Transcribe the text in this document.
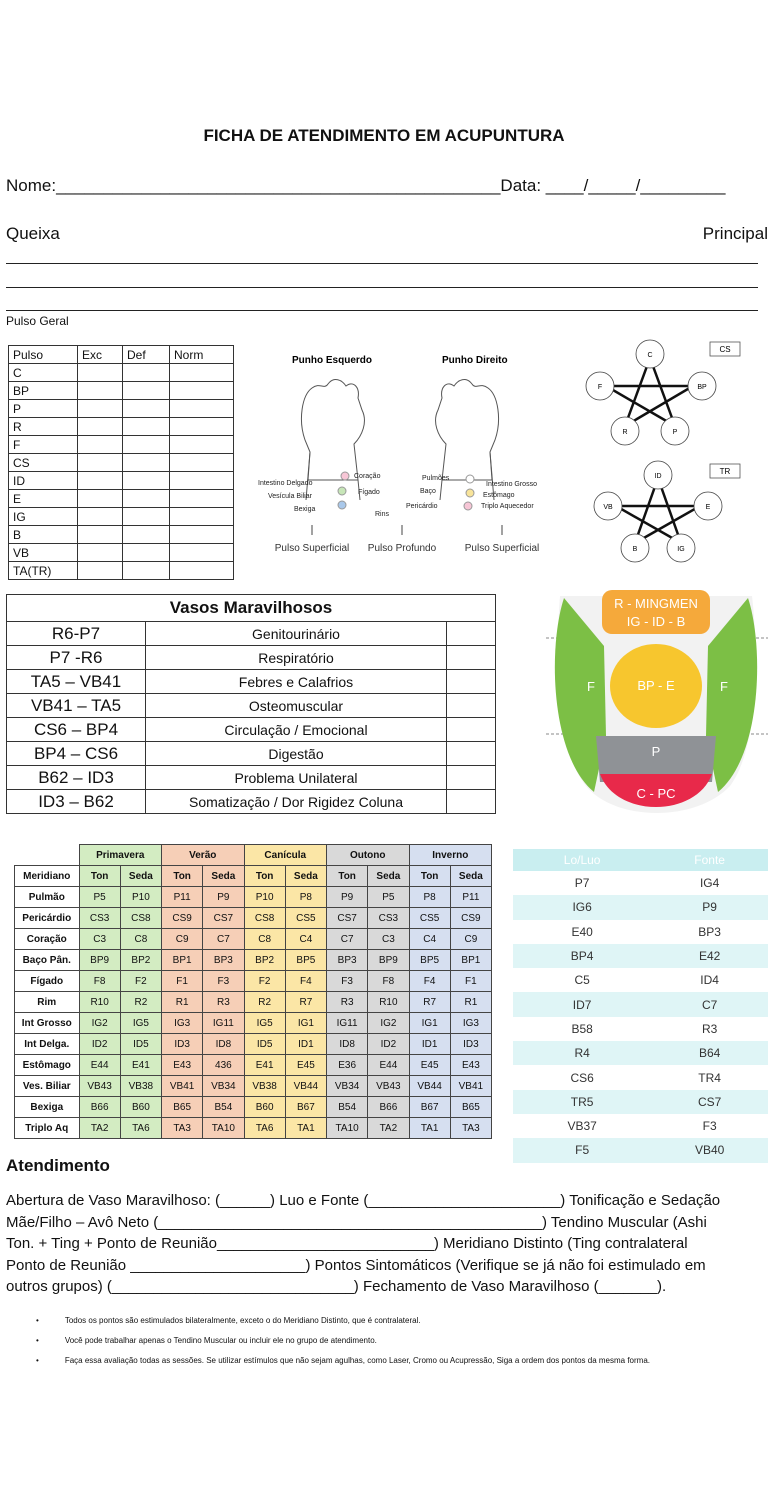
FICHA DE ATENDIMENTO EM ACUPUNTURA
Nome:_______________________________________________Data: ____/_____/_________
Queixa	Principal
Pulso Geral
Pulso	Exc	Def	Norm
C			
BP			
P			
R			
F			
CS			
ID			
E			
IG			
B			
VB			
TA(TR)			
Punho Esquerdo	Punho Direito
Intestino Delgado
Vesícula Biliar
Bexiga
Coração
Fígado
Rins
Pulmões
Baço
Pericárdio
Intestino Grosso
Estômago
Triplo Aquecedor
Pulso Superficial Pulso Profundo	Pulso Superficial
CS
C
BP
P
R
F
TR
ID
E
IG
B
VB
Vasos Maravilhosos		
R6-P7	Genitourinário	
P7 -R6	Respiratório	
TA5 – VB41	Febres e Calafrios	
VB41 – TA5	Osteomuscular	
CS6 – BP4	Circulação / Emocional	
BP4 – CS6	Digestão	
B62 – ID3	Problema Unilateral	
ID3 – B62	Somatização / Dor Rigidez Coluna	
R - MINGMEN
IG - ID - B
F	F
BP - E
P
C - PC
	Primavera		Verão		Canícula		Outono		Inverno	
Meridiano	Ton	Seda	Ton	Seda	Ton	Seda	Ton	Seda	Ton	Seda
Pulmão	P5	P10	P11	P9	P10	P8	P9	P5	P8	P11
Pericárdio	CS3	CS8	CS9	CS7	CS8	CS5	CS7	CS3	CS5	CS9
Coração	C3	C8	C9	C7	C8	C4	C7	C3	C4	C9
Baço Pân.	BP9	BP2	BP1	BP3	BP2	BP5	BP3	BP9	BP5	BP1
Fígado	F8	F2	F1	F3	F2	F4	F3	F8	F4	F1
Rim	R10	R2	R1	R3	R2	R7	R3	R10	R7	R1
Int Grosso	IG2	IG5	IG3	IG11	IG5	IG1	IG11	IG2	IG1	IG3
Int Delga.	ID2	ID5	ID3	ID8	ID5	ID1	ID8	ID2	ID1	ID3
Estômago	E44	E41	E43	436	E41	E45	E36	E44	E45	E43
Ves. Biliar	VB43	VB38	VB41	VB34	VB38	VB44	VB34	VB43	VB44	VB41
Bexiga	B66	B60	B65	B54	B60	B67	B54	B66	B67	B65
Triplo Aq	TA2	TA6	TA3	TA10	TA6	TA1	TA10	TA2	TA1	TA3
Lo/Luo	Fonte
P7	IG4
IG6	P9
E40	BP3
BP4	E42
C5	ID4
ID7	C7
B58	R3
R4	B64
CS6	TR4
TR5	CS7
VB37	F3
F5	VB40
Atendimento
Abertura de Vaso Maravilhoso: (______) Luo e Fonte (_______________________) Tonificação e Sedação
Mãe/Filho – Avô Neto (______________________________________________) Tendino Muscular (Ashi
Ton. + Ting + Ponto de Reunião__________________________) Meridiano Distinto (Ting contralateral
Ponto de Reunião _____________________) Pontos Sintomáticos (Verifique se já não foi estimulado em
outros grupos) (_____________________________) Fechamento de Vaso Maravilhoso (_______).
•	Todos os pontos são estimulados bilateralmente, exceto o do Meridiano Distinto, que é contralateral.
•	Você pode trabalhar apenas o Tendino Muscular ou incluir ele no grupo de atendimento.
•	Faça essa avaliação todas as sessões. Se utilizar estímulos que não sejam agulhas, como Laser, Cromo ou Acupressão, Siga a ordem dos pontos da mesma forma.
